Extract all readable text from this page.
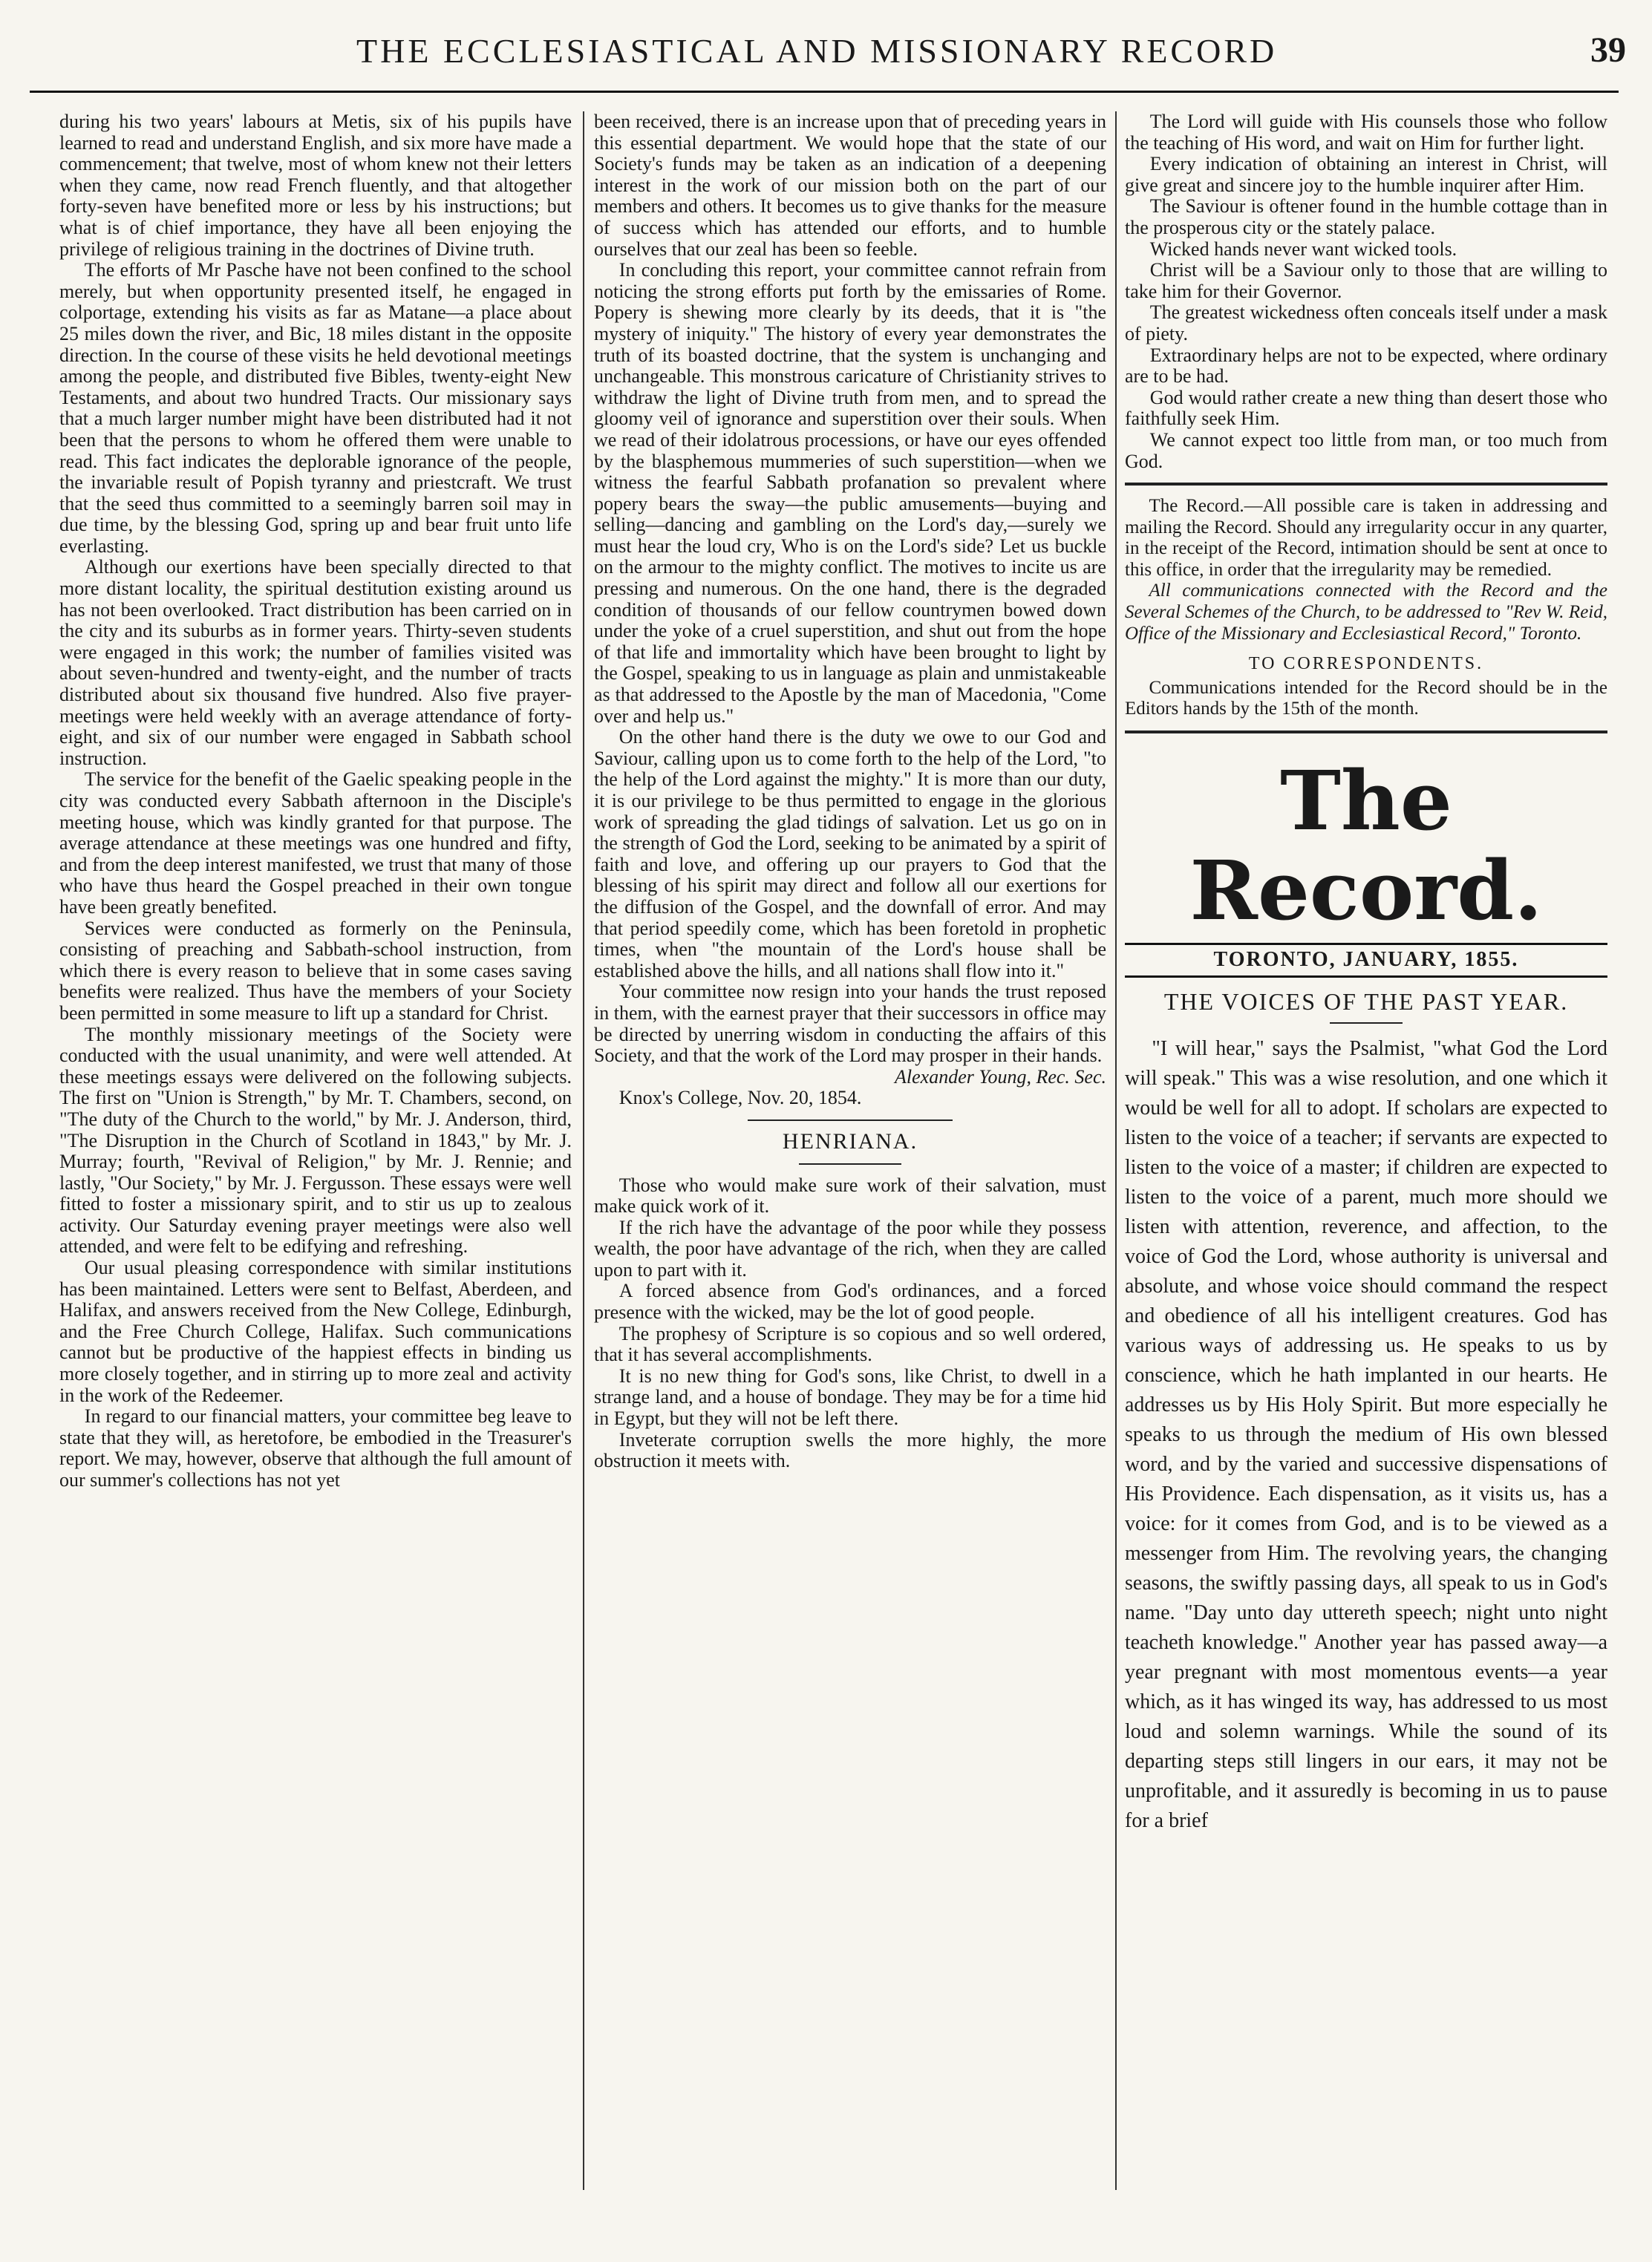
THE ECCLESIASTICAL AND MISSIONARY RECORD	39

during his two years' labours at Metis, six of his pupils have learned to read and understand English, and six more have made a commencement; that twelve, most of whom knew not their letters when they came, now read French fluently, and that altogether forty-seven have benefited more or less by his instructions; but what is of chief importance, they have all been enjoying the privilege of religious training in the doctrines of Divine truth.

The efforts of Mr Pasche have not been confined to the school merely, but when opportunity presented itself, he engaged in colportage, extending his visits as far as Matane—a place about 25 miles down the river, and Bic, 18 miles distant in the opposite direction. In the course of these visits he held devotional meetings among the people, and distributed five Bibles, twenty-eight New Testaments, and about two hundred Tracts. Our missionary says that a much larger number might have been distributed had it not been that the persons to whom he offered them were unable to read. This fact indicates the deplorable ignorance of the people, the invariable result of Popish tyranny and priestcraft. We trust that the seed thus committed to a seemingly barren soil may in due time, by the blessing God, spring up and bear fruit unto life everlasting.

Although our exertions have been specially directed to that more distant locality, the spiritual destitution existing around us has not been overlooked. Tract distribution has been carried on in the city and its suburbs as in former years. Thirty-seven students were engaged in this work; the number of families visited was about seven-hundred and twenty-eight, and the number of tracts distributed about six thousand five hundred. Also five prayer-meetings were held weekly with an average attendance of forty-eight, and six of our number were engaged in Sabbath school instruction.

The service for the benefit of the Gaelic speaking people in the city was conducted every Sabbath afternoon in the Disciple's meeting house, which was kindly granted for that purpose. The average attendance at these meetings was one hundred and fifty, and from the deep interest manifested, we trust that many of those who have thus heard the Gospel preached in their own tongue have been greatly benefited.

Services were conducted as formerly on the Peninsula, consisting of preaching and Sabbath-school instruction, from which there is every reason to believe that in some cases saving benefits were realized. Thus have the members of your Society been permitted in some measure to lift up a standard for Christ.

The monthly missionary meetings of the Society were conducted with the usual unanimity, and were well attended. At these meetings essays were delivered on the following subjects. The first on "Union is Strength," by Mr. T. Chambers, second, on "The duty of the Church to the world," by Mr. J. Anderson, third, "The Disruption in the Church of Scotland in 1843," by Mr. J. Murray; fourth, "Revival of Religion," by Mr. J. Rennie; and lastly, "Our Society," by Mr. J. Fergusson. These essays were well fitted to foster a missionary spirit, and to stir us up to zealous activity. Our Saturday evening prayer meetings were also well attended, and were felt to be edifying and refreshing.

Our usual pleasing correspondence with similar institutions has been maintained. Letters were sent to Belfast, Aberdeen, and Halifax, and answers received from the New College, Edinburgh, and the Free Church College, Halifax. Such communications cannot but be productive of the happiest effects in binding us more closely together, and in stirring up to more zeal and activity in the work of the Redeemer.

In regard to our financial matters, your committee beg leave to state that they will, as heretofore, be embodied in the Treasurer's report. We may, however, observe that although the full amount of our summer's collections has not yet

been received, there is an increase upon that of preceding years in this essential department. We would hope that the state of our Society's funds may be taken as an indication of a deepening interest in the work of our mission both on the part of our members and others. It becomes us to give thanks for the measure of success which has attended our efforts, and to humble ourselves that our zeal has been so feeble.

In concluding this report, your committee cannot refrain from noticing the strong efforts put forth by the emissaries of Rome. Popery is shewing more clearly by its deeds, that it is "the mystery of iniquity." The history of every year demonstrates the truth of its boasted doctrine, that the system is unchanging and unchangeable. This monstrous caricature of Christianity strives to withdraw the light of Divine truth from men, and to spread the gloomy veil of ignorance and superstition over their souls. When we read of their idolatrous processions, or have our eyes offended by the blasphemous mummeries of such superstition—when we witness the fearful Sabbath profanation so prevalent where popery bears the sway—the public amusements—buying and selling—dancing and gambling on the Lord's day,—surely we must hear the loud cry, Who is on the Lord's side? Let us buckle on the armour to the mighty conflict. The motives to incite us are pressing and numerous. On the one hand, there is the degraded condition of thousands of our fellow countrymen bowed down under the yoke of a cruel superstition, and shut out from the hope of that life and immortality which have been brought to light by the Gospel, speaking to us in language as plain and unmistakeable as that addressed to the Apostle by the man of Macedonia, "Come over and help us."

On the other hand there is the duty we owe to our God and Saviour, calling upon us to come forth to the help of the Lord, "to the help of the Lord against the mighty." It is more than our duty, it is our privilege to be thus permitted to engage in the glorious work of spreading the glad tidings of salvation. Let us go on in the strength of God the Lord, seeking to be animated by a spirit of faith and love, and offering up our prayers to God that the blessing of his spirit may direct and follow all our exertions for the diffusion of the Gospel, and the downfall of error. And may that period speedily come, which has been foretold in prophetic times, when "the mountain of the Lord's house shall be established above the hills, and all nations shall flow into it."

Your committee now resign into your hands the trust reposed in them, with the earnest prayer that their successors in office may be directed by unerring wisdom in conducting the affairs of this Society, and that the work of the Lord may prosper in their hands.

Alexander Young, Rec. Sec.

Knox's College, Nov. 20, 1854.

HENRIANA.

Those who would make sure work of their salvation, must make quick work of it.

If the rich have the advantage of the poor while they possess wealth, the poor have advantage of the rich, when they are called upon to part with it.

A forced absence from God's ordinances, and a forced presence with the wicked, may be the lot of good people.

The prophesy of Scripture is so copious and so well ordered, that it has several accomplishments.

It is no new thing for God's sons, like Christ, to dwell in a strange land, and a house of bondage. They may be for a time hid in Egypt, but they will not be left there.

Inveterate corruption swells the more highly, the more obstruction it meets with.

The Lord will guide with His counsels those who follow the teaching of His word, and wait on Him for further light.

Every indication of obtaining an interest in Christ, will give great and sincere joy to the humble inquirer after Him.

The Saviour is oftener found in the humble cottage than in the prosperous city or the stately palace.

Wicked hands never want wicked tools.

Christ will be a Saviour only to those that are willing to take him for their Governor.

The greatest wickedness often conceals itself under a mask of piety.

Extraordinary helps are not to be expected, where ordinary are to be had.

God would rather create a new thing than desert those who faithfully seek Him.

We cannot expect too little from man, or too much from God.

The Record.—All possible care is taken in addressing and mailing the Record. Should any irregularity occur in any quarter, in the receipt of the Record, intimation should be sent at once to this office, in order that the irregularity may be remedied.

All communications connected with the Record and the Several Schemes of the Church, to be addressed to "Rev W. Reid, Office of the Missionary and Ecclesiastical Record," Toronto.

TO CORRESPONDENTS.

Communications intended for the Record should be in the Editors hands by the 15th of the month.

The Record.
TORONTO, JANUARY, 1855.
THE VOICES OF THE PAST YEAR.

"I will hear," says the Psalmist, "what God the Lord will speak." This was a wise resolution, and one which it would be well for all to adopt. If scholars are expected to listen to the voice of a teacher; if servants are expected to listen to the voice of a master; if children are expected to listen to the voice of a parent, much more should we listen with attention, reverence, and affection, to the voice of God the Lord, whose authority is universal and absolute, and whose voice should command the respect and obedience of all his intelligent creatures. God has various ways of addressing us. He speaks to us by conscience, which he hath implanted in our hearts. He addresses us by His Holy Spirit. But more especially he speaks to us through the medium of His own blessed word, and by the varied and successive dispensations of His Providence. Each dispensation, as it visits us, has a voice: for it comes from God, and is to be viewed as a messenger from Him. The revolving years, the changing seasons, the swiftly passing days, all speak to us in God's name. "Day unto day uttereth speech; night unto night teacheth knowledge." Another year has passed away—a year pregnant with most momentous events—a year which, as it has winged its way, has addressed to us most loud and solemn warnings. While the sound of its departing steps still lingers in our ears, it may not be unprofitable, and it assuredly is becoming in us to pause for a brief
